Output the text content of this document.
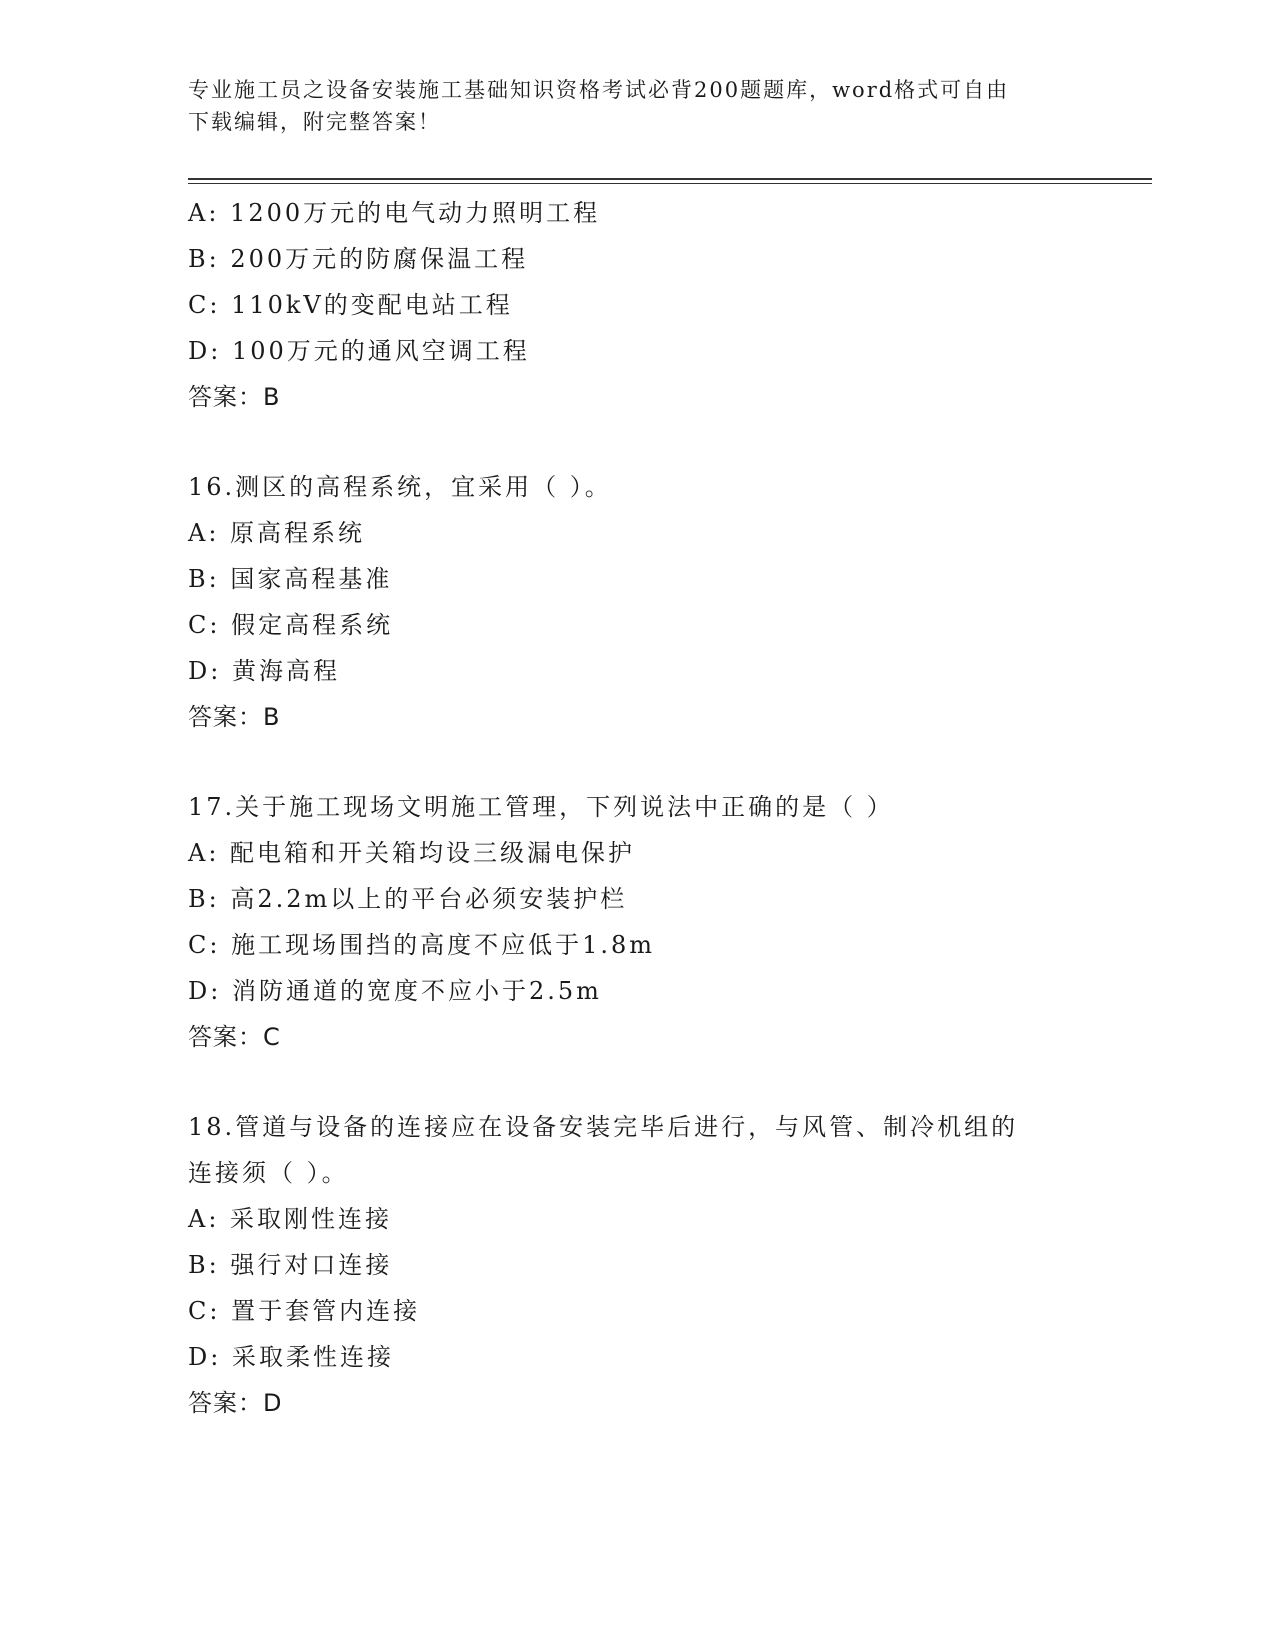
专业施工员之设备安装施工基础知识资格考试必背200题题库，word格式可自由
下载编辑，附完整答案！
A: 1200万元的电气动力照明工程
B: 200万元的防腐保温工程
C: 110kV的变配电站工程
D: 100万元的通风空调工程
答案：B
16.测区的高程系统，宜采用（ ）。
A: 原高程系统
B: 国家高程基准
C: 假定高程系统
D: 黄海高程
答案：B
17.关于施工现场文明施工管理，下列说法中正确的是（ ）
A: 配电箱和开关箱均设三级漏电保护
B: 高2.2m以上的平台必须安装护栏
C: 施工现场围挡的高度不应低于1.8m
D: 消防通道的宽度不应小于2.5m
答案：C
18.管道与设备的连接应在设备安装完毕后进行，与风管、制冷机组的
连接须（ ）。
A: 采取刚性连接
B: 强行对口连接
C: 置于套管内连接
D: 采取柔性连接
答案：D
